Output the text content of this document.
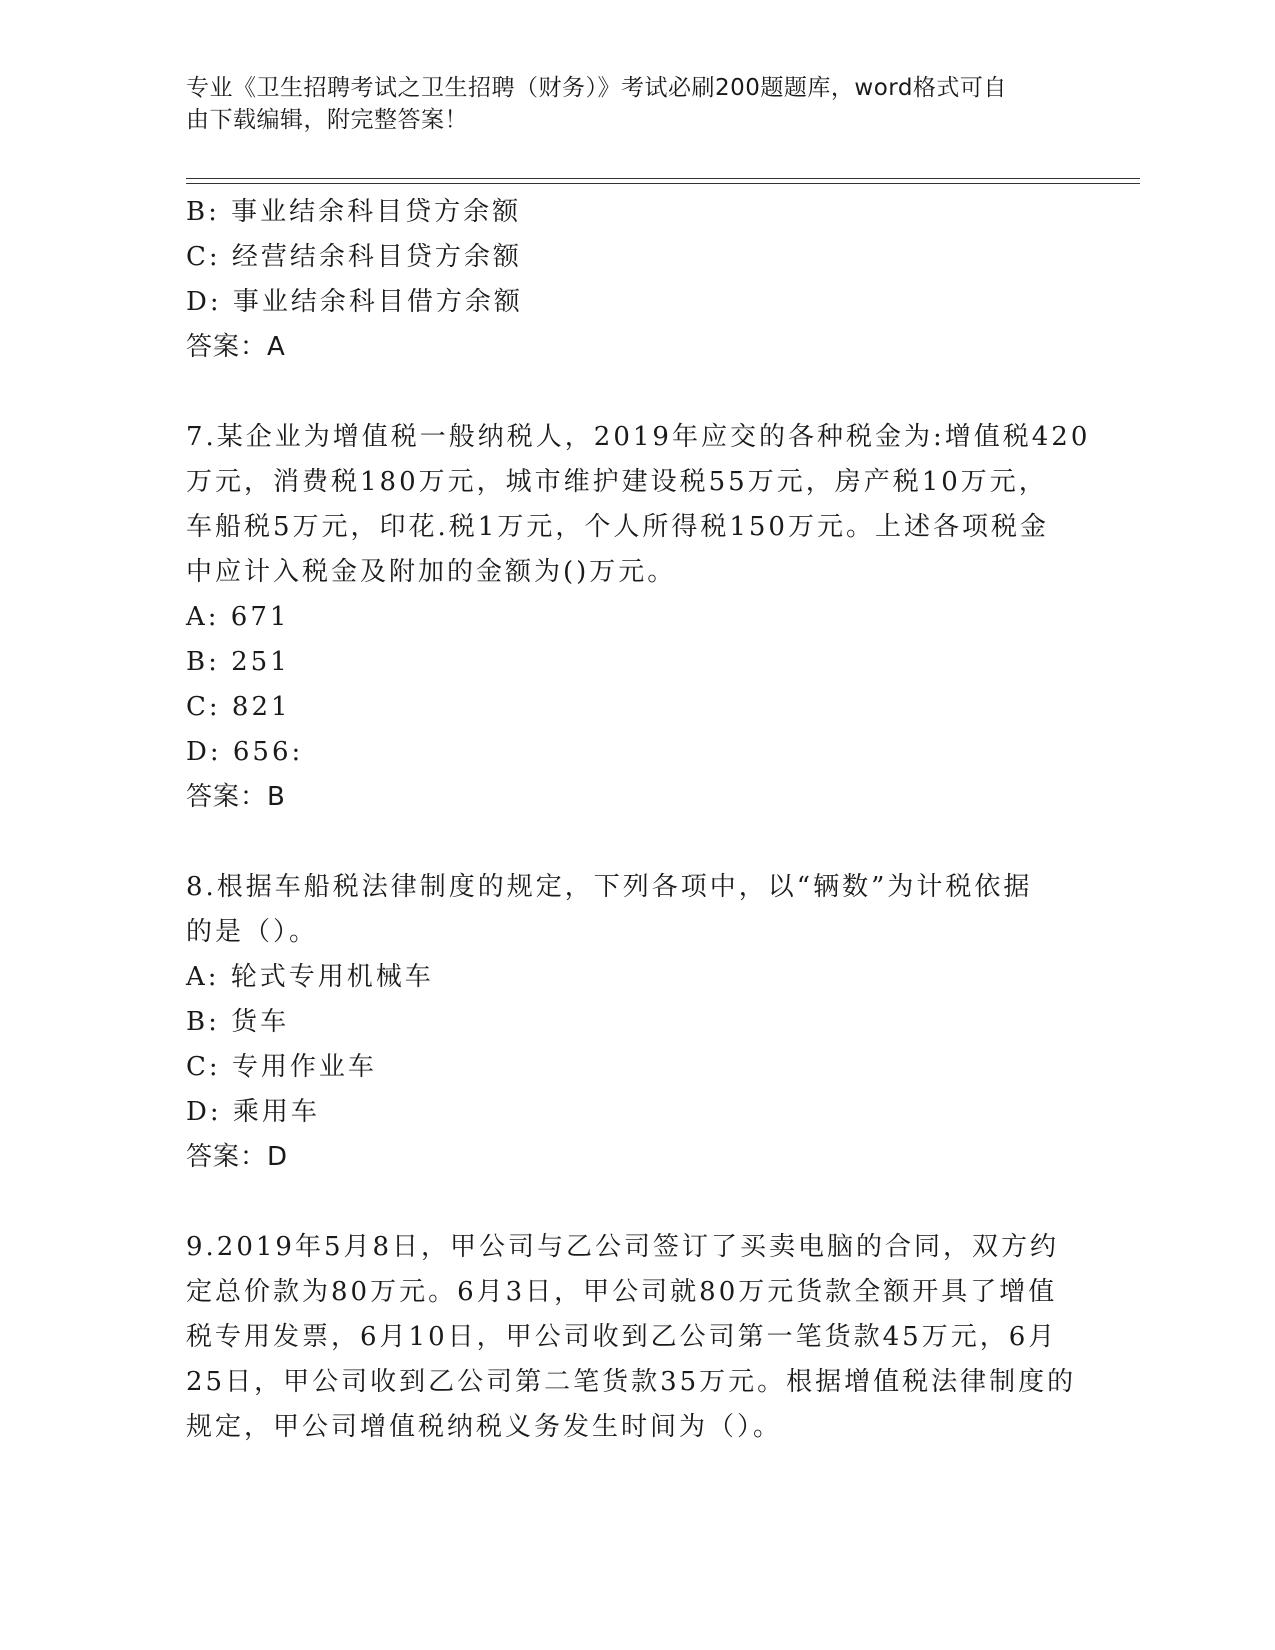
专业《卫生招聘考试之卫生招聘（财务）》考试必刷200题题库，word格式可自
由下载编辑，附完整答案！
B: 事业结余科目贷方余额
C: 经营结余科目贷方余额
D: 事业结余科目借方余额
答案：A
7.某企业为增值税一般纳税人，2019年应交的各种税金为:增值税420
万元，消费税180万元，城市维护建设税55万元，房产税10万元，
车船税5万元，印花.税1万元，个人所得税150万元。上述各项税金
中应计入税金及附加的金额为()万元。
A: 671
B: 251
C: 821
D: 656:
答案：B
8.根据车船税法律制度的规定，下列各项中，以“辆数”为计税依据
的是（）。
A: 轮式专用机械车
B: 货车
C: 专用作业车
D: 乘用车
答案：D
9.2019年5月8日，甲公司与乙公司签订了买卖电脑的合同，双方约
定总价款为80万元。6月3日，甲公司就80万元货款全额开具了增值
税专用发票，6月10日，甲公司收到乙公司第一笔货款45万元，6月
25日，甲公司收到乙公司第二笔货款35万元。根据增值税法律制度的
规定，甲公司增值税纳税义务发生时间为（）。
